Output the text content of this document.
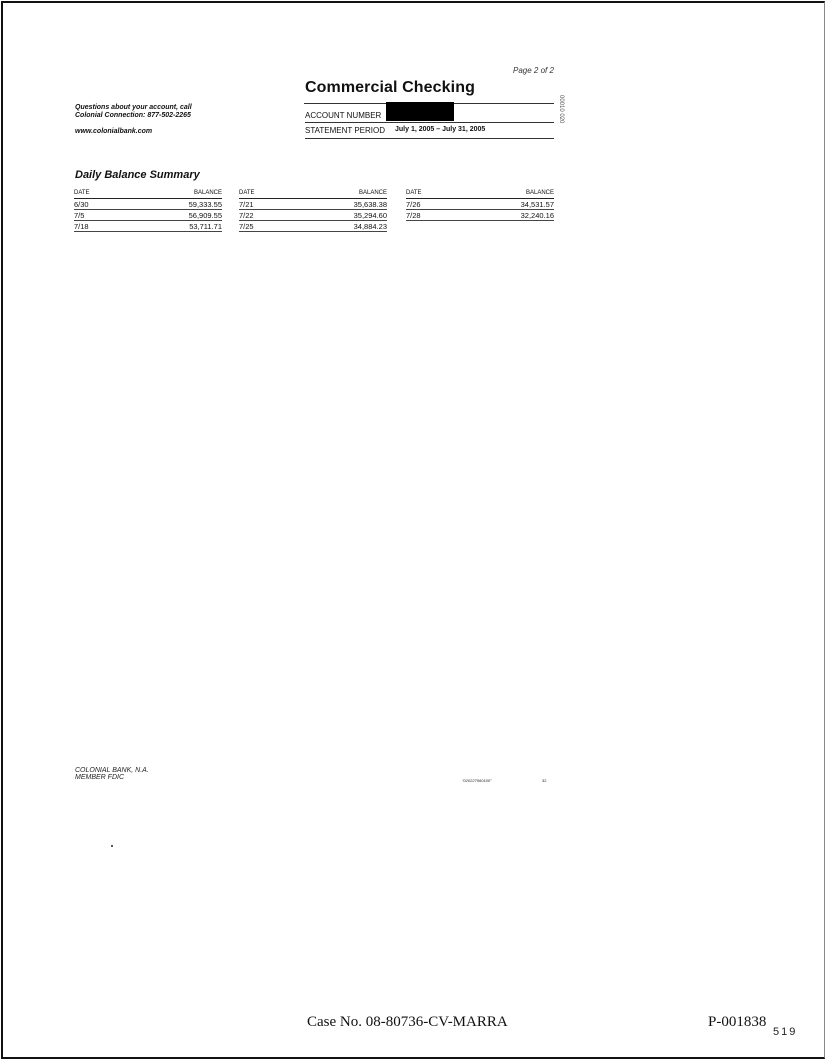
Page 2 of 2
Commercial Checking
00010 020
Questions about your account, call
Colonial Connection: 877-502-2265
www.colonialbank.com
ACCOUNT NUMBER
STATEMENT PERIOD July 1, 2005 – July 31, 2005
Daily Balance Summary
DATE	BALANCE
6/30	59,333.55
7/5	56,909.55
7/18	53,711.71
DATE	BALANCE
7/21	35,638.38
7/22	35,294.60
7/25	34,884.23
DATE	BALANCE
7/26	34,531.57
7/28	32,240.16
COLONIAL BANK, N.A.
MEMBER FDIC	"020227560100"	32
Case No. 08-80736-CV-MARRA	P-001838
519
